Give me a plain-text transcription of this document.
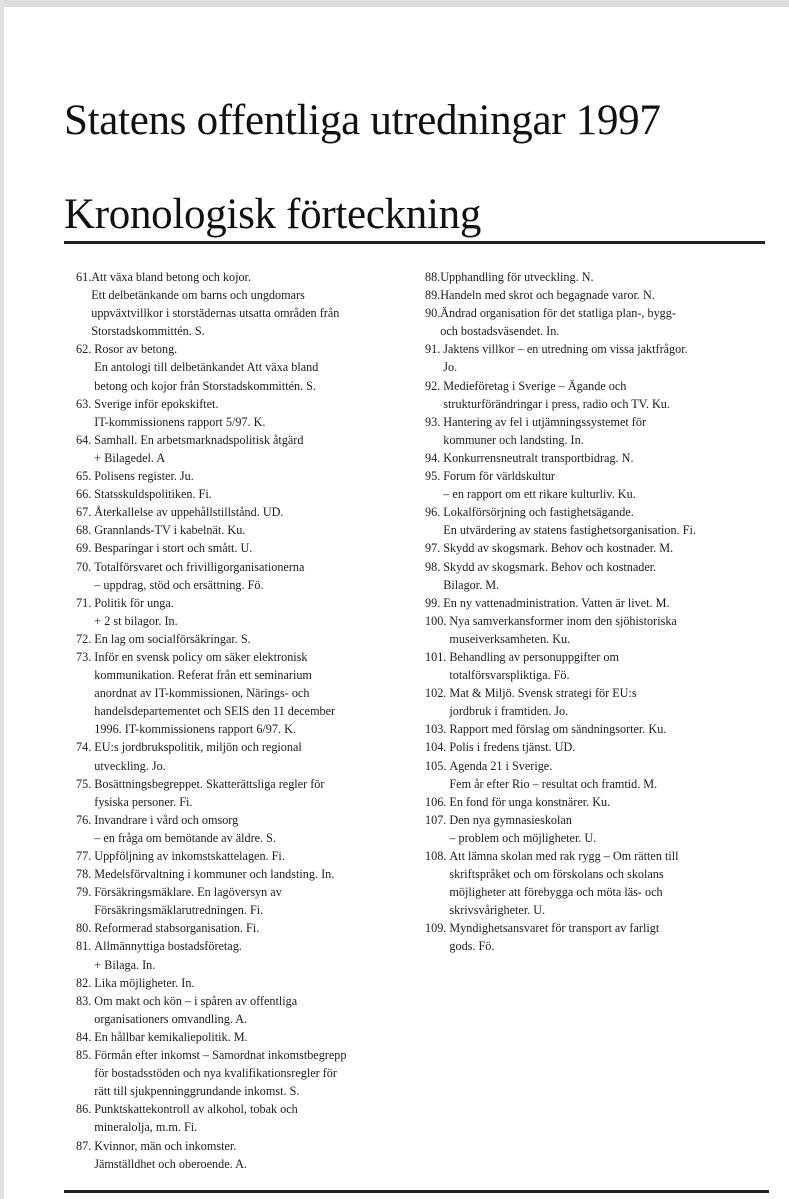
Statens offentliga utredningar 1997
Kronologisk förteckning
61. Att växa bland betong och kojor.
Ett delbetänkande om barns och ungdomars
uppväxtvillkor i storstädernas utsatta områden från
Storstadskommittén. S.
62. Rosor av betong.
En antologi till delbetänkandet Att växa bland
betong och kojor från Storstadskommittén. S.
63. Sverige inför epokskiftet.
IT-kommissionens rapport 5/97. K.
64. Samhall. En arbetsmarknadspolitisk åtgärd
+ Bilagedel. A
65. Polisens register. Ju.
66. Statsskuldspolitiken. Fi.
67. Återkallelse av uppehållstillstånd. UD.
68. Grannlands-TV i kabelnät. Ku.
69. Besparingar i stort och smått. U.
70. Totalförsvaret och frivilligorganisationerna
– uppdrag, stöd och ersättning. Fö.
71. Politik för unga.
+ 2 st bilagor. In.
72. En lag om socialförsäkringar. S.
73. Inför en svensk policy om säker elektronisk
kommunikation. Referat från ett seminarium
anordnat av IT-kommissionen, Närings- och
handelsdepartementet och SEIS den 11 december
1996. IT-kommissionens rapport 6/97. K.
74. EU:s jordbrukspolitik, miljön och regional
utveckling. Jo.
75. Bosättningsbegreppet. Skatterättsliga regler för
fysiska personer. Fi.
76. Invandrare i vård och omsorg
– en fråga om bemötande av äldre. S.
77. Uppföljning av inkomstskattelagen. Fi.
78. Medelsförvaltning i kommuner och landsting. In.
79. Försäkringsmäklare. En lagöversyn av
Försäkringsmäklarutredningen. Fi.
80. Reformerad stabsorganisation. Fi.
81. Allmännyttiga bostadsföretag.
+ Bilaga. In.
82. Lika möjligheter. In.
83. Om makt och kön – i spåren av offentliga
organisationers omvandling. A.
84. En hållbar kemikaliepolitik. M.
85. Förmån efter inkomst – Samordnat inkomstbegrepp
för bostadsstöden och nya kvalifikationsregler för
rätt till sjukpenninggrundande inkomst. S.
86. Punktskattekontroll av alkohol, tobak och
mineralolja, m.m. Fi.
87. Kvinnor, män och inkomster.
Jämställdhet och oberoende. A.
88. Upphandling för utveckling. N.
89. Handeln med skrot och begagnade varor. N.
90. Ändrad organisation för det statliga plan-, bygg-
och bostadsväsendet. In.
91. Jaktens villkor – en utredning om vissa jaktfrågor.
Jo.
92. Medieföretag i Sverige – Ägande och
strukturförändringar i press, radio och TV. Ku.
93. Hantering av fel i utjämningssystemet för
kommuner och landsting. In.
94. Konkurrensneutralt transportbidrag. N.
95. Forum för världskultur
– en rapport om ett rikare kulturliv. Ku.
96. Lokalförsörjning och fastighetsägande.
En utvärdering av statens fastighetsorganisation. Fi.
97. Skydd av skogsmark. Behov och kostnader. M.
98. Skydd av skogsmark. Behov och kostnader.
Bilagor. M.
99. En ny vattenadministration. Vatten är livet. M.
100. Nya samverkansformer inom den sjöhistoriska
museiverksamheten. Ku.
101. Behandling av personuppgifter om
totalförsvarspliktiga. Fö.
102. Mat & Miljö. Svensk strategi för EU:s
jordbruk i framtiden. Jo.
103. Rapport med förslag om sändningsorter. Ku.
104. Polis i fredens tjänst. UD.
105. Agenda 21 i Sverige.
Fem år efter Rio – resultat och framtid. M.
106. En fond för unga konstnärer. Ku.
107. Den nya gymnasieskolan
– problem och möjligheter. U.
108. Att lämna skolan med rak rygg – Om rätten till
skriftspråket och om förskolans och skolans
möjligheter att förebygga och möta läs- och
skrivsvårigheter. U.
109. Myndighetsansvaret för transport av farligt
gods. Fö.
